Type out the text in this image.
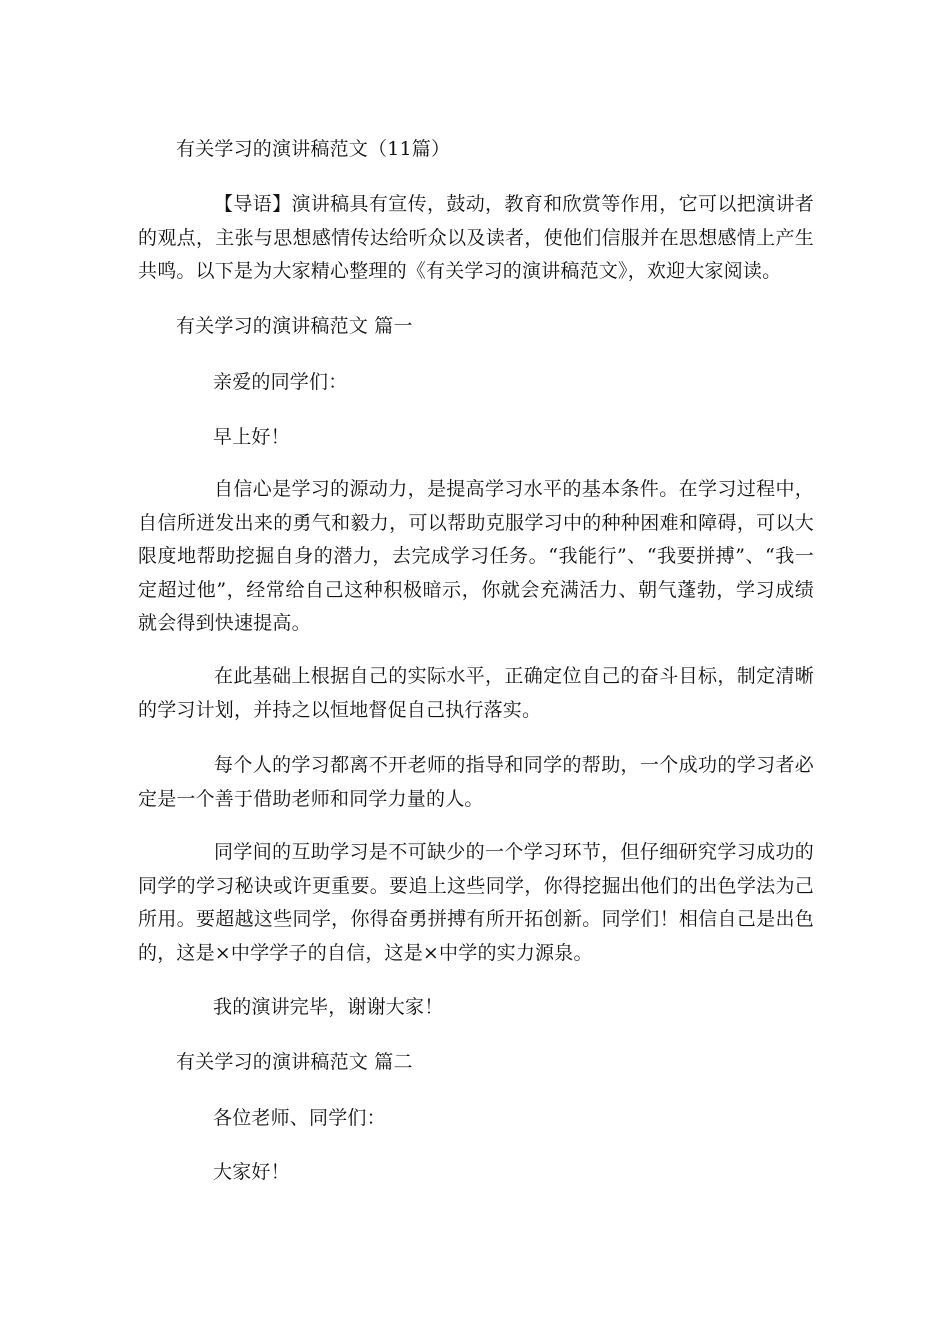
有关学习的演讲稿范文（11篇）
【导语】演讲稿具有宣传，鼓动，教育和欣赏等作用，它可以把演讲者的观点，主张与思想感情传达给听众以及读者，使他们信服并在思想感情上产生共鸣。以下是为大家精心整理的《有关学习的演讲稿范文》，欢迎大家阅读。
有关学习的演讲稿范文 篇一
亲爱的同学们：
早上好！
自信心是学习的源动力，是提高学习水平的基本条件。在学习过程中，自信所迸发出来的勇气和毅力，可以帮助克服学习中的种种困难和障碍，可以大限度地帮助挖掘自身的潜力，去完成学习任务。“我能行”、“我要拼搏”、“我一定超过他”，经常给自己这种积极暗示，你就会充满活力、朝气蓬勃，学习成绩就会得到快速提高。
在此基础上根据自己的实际水平，正确定位自己的奋斗目标，制定清晰的学习计划，并持之以恒地督促自己执行落实。
每个人的学习都离不开老师的指导和同学的帮助，一个成功的学习者必定是一个善于借助老师和同学力量的人。
同学间的互助学习是不可缺少的一个学习环节，但仔细研究学习成功的同学的学习秘诀或许更重要。要追上这些同学，你得挖掘出他们的出色学法为己所用。要超越这些同学，你得奋勇拼搏有所开拓创新。同学们！相信自己是出色的，这是×中学学子的自信，这是×中学的实力源泉。
我的演讲完毕，谢谢大家！
有关学习的演讲稿范文 篇二
各位老师、同学们：
大家好！
